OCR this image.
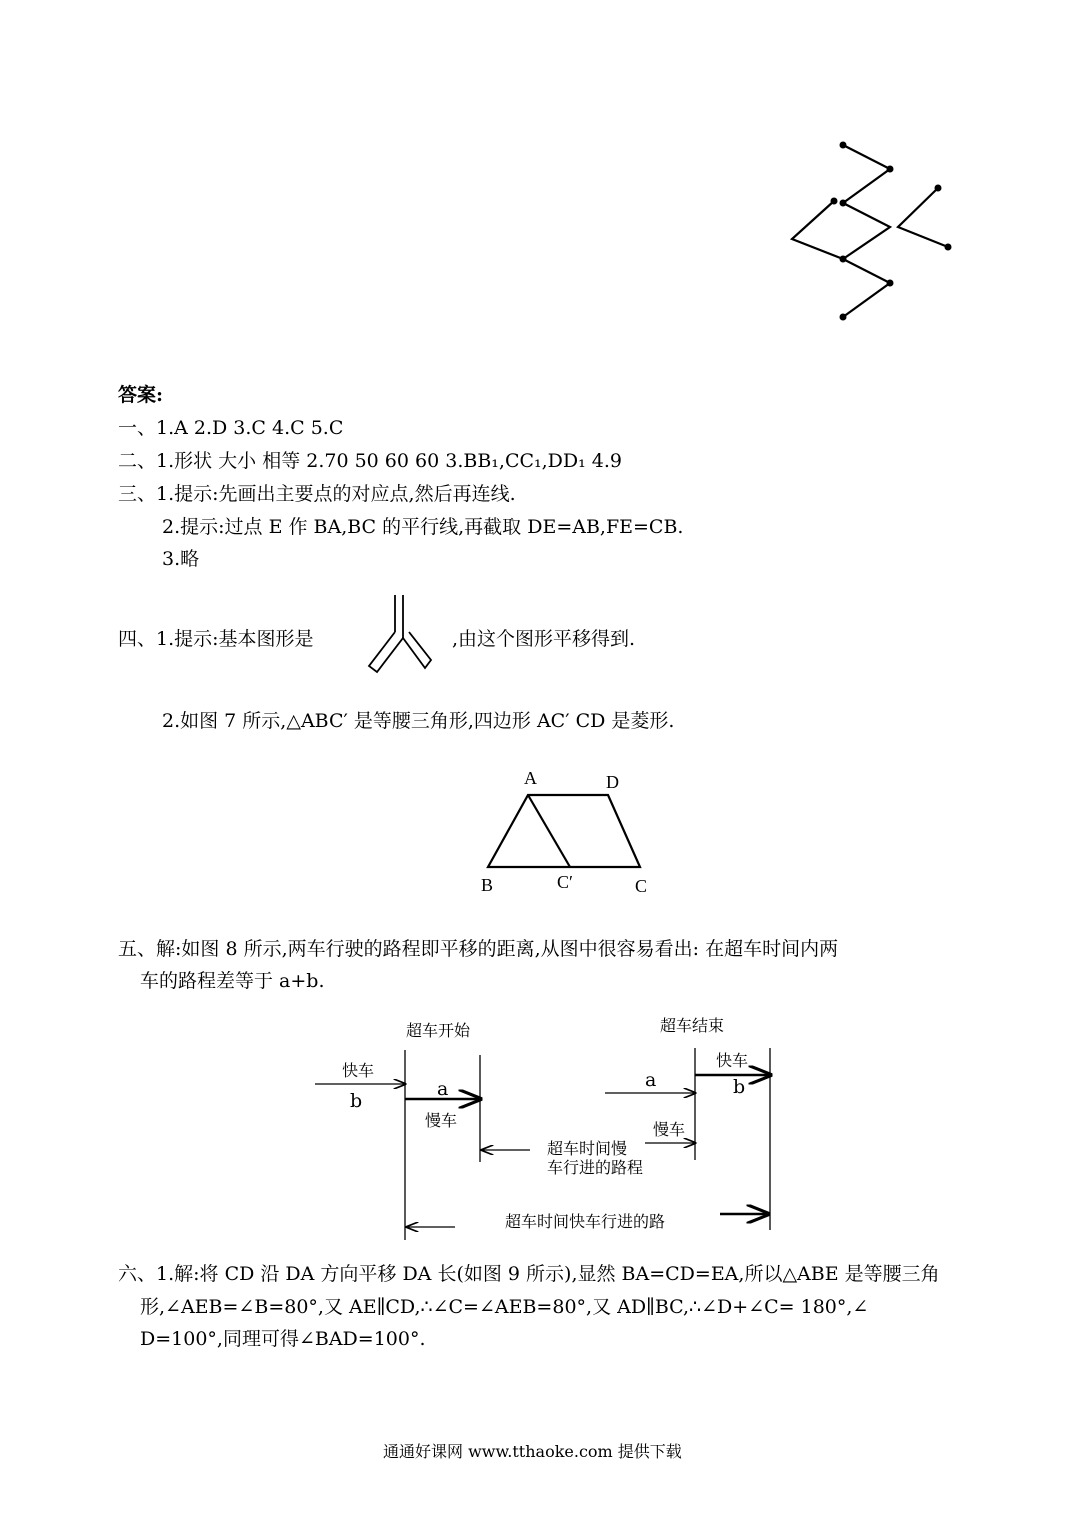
答案:
一、1.A 2.D 3.C 4.C 5.C
二、1.形状 大小 相等 2.70 50 60 60 3.BB₁,CC₁,DD₁ 4.9
三、1.提示:先画出主要点的对应点,然后再连线.
2.提示:过点 E 作 BA,BC 的平行线,再截取 DE=AB,FE=CB.
3.略
四、1.提示:基本图形是	,由这个图形平移得到.
2.如图 7 所示,△ABC′ 是等腰三角形,四边形 AC′ CD 是菱形.
A	D
B	C′	C
五、解:如图 8 所示,两车行驶的路程即平移的距离,从图中很容易看出: 在超车时间内两
车的路程差等于 a+b.
超车开始	超车结束
快车
b
a
慢车
a
快车
b
慢车
超车时间慢
车行进的路程
超车时间快车行进的路
六、1.解:将 CD 沿 DA 方向平移 DA 长(如图 9 所示),显然 BA=CD=EA,所以△ABE 是等腰三角
形,∠AEB=∠B=80°,又 AE∥CD,∴∠C=∠AEB=80°,又 AD∥BC,∴∠D+∠C= 180°,∠
D=100°,同理可得∠BAD=100°.
通通好课网 www.tthaoke.com 提供下载
